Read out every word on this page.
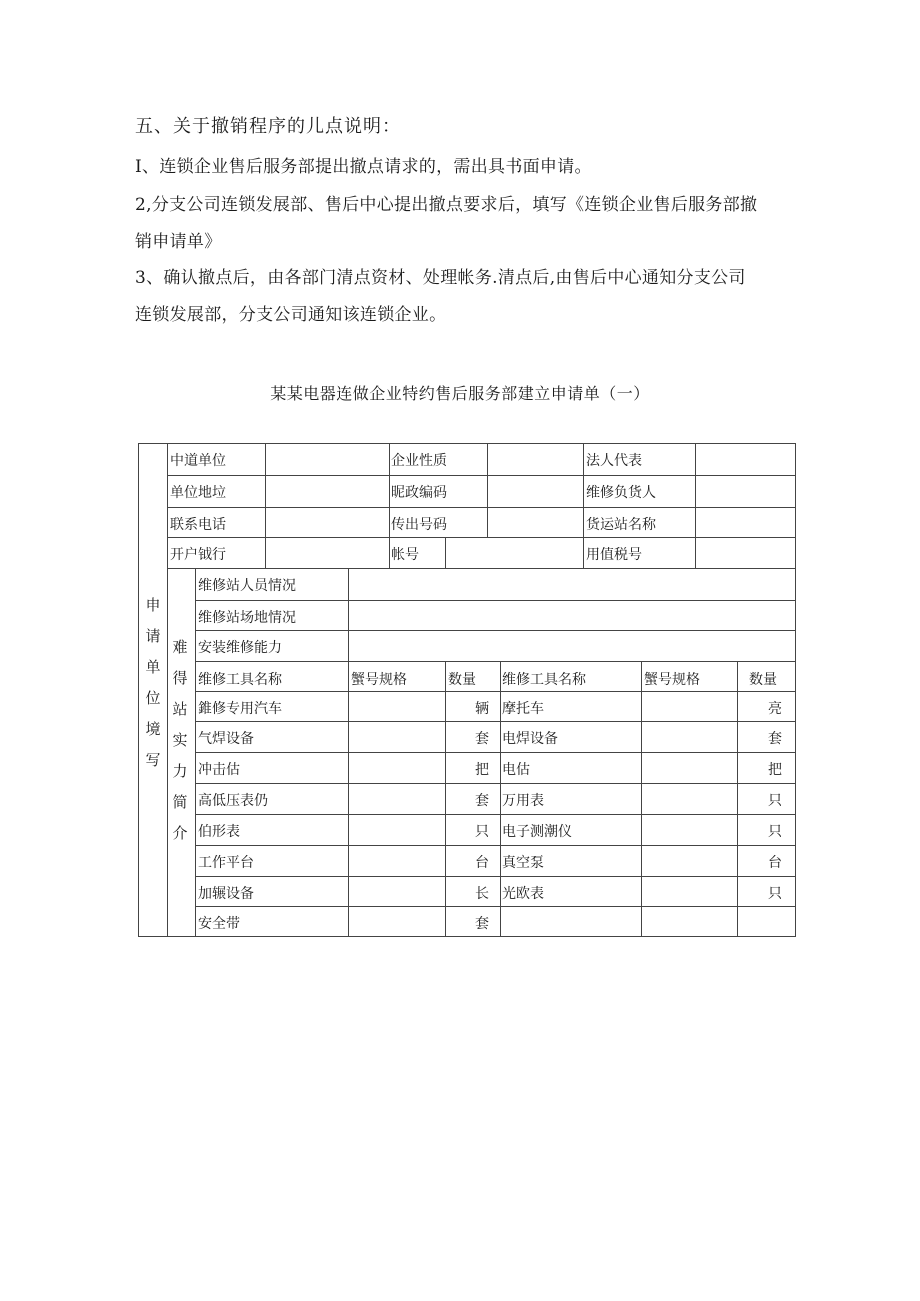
五、关于撤销程序的儿点说明：
I、连锁企业售后服务部提出撤点请求的，需出具书面申请。
2,分支公司连锁发展部、售后中心提出撤点要求后，填写《连锁企业售后服务部撤
销申请单》
3、确认撤点后，由各部门清点资材、处理帐务.清点后,由售后中心通知分支公司
连锁发展部，分支公司通知该连锁企业。
某某电器连做企业特约售后服务部建立申请单（一）
中道单位	企业性质	法人代表
单位地垃	昵政编码	维修负货人
联系电话	传出号码	货运站名称
开户钺行	帐号	用值税号
维修站人员情况
维修站场地情况
安装维修能力
维修工具名称	蟹号规格	数量 维修工具名称	蟹号规格	数量
錐修专用汽车	辆 摩托车	亮
气焊设备	套 电焊设备	套
冲击估	把 电估	把
高低压表仍	套 万用表	只
伯形表	只 电子测潮仪	只
工作平台	台 真空泵	台
加辗设备	长 光欧表	只
安全带	套
申
请
单
位
境
写
难
得
站
实
力
简
介
